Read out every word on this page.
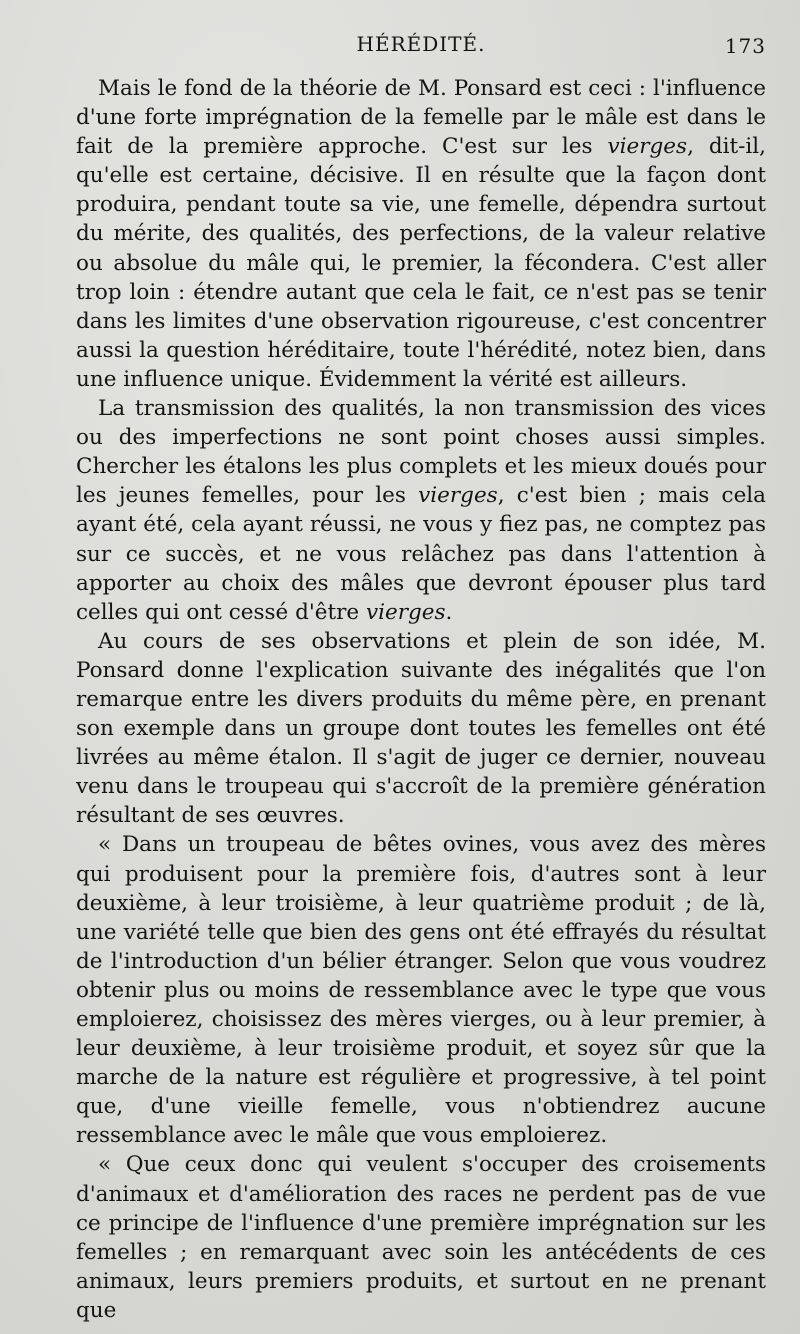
HÉRÉDITÉ.	173

Mais le fond de la théorie de M. Ponsard est ceci : l'influence d'une forte imprégnation de la femelle par le mâle est dans le fait de la première approche. C'est sur les vierges, dit-il, qu'elle est certaine, décisive. Il en résulte que la façon dont produira, pendant toute sa vie, une femelle, dépendra surtout du mérite, des qualités, des perfections, de la valeur relative ou absolue du mâle qui, le premier, la fécondera. C'est aller trop loin : étendre autant que cela le fait, ce n'est pas se tenir dans les limites d'une observation rigoureuse, c'est concentrer aussi la question héréditaire, toute l'hérédité, notez bien, dans une influence unique. Évidemment la vérité est ailleurs.

La transmission des qualités, la non transmission des vices ou des imperfections ne sont point choses aussi simples. Chercher les étalons les plus complets et les mieux doués pour les jeunes femelles, pour les vierges, c'est bien ; mais cela ayant été, cela ayant réussi, ne vous y fiez pas, ne comptez pas sur ce succès, et ne vous relâchez pas dans l'attention à apporter au choix des mâles que devront épouser plus tard celles qui ont cessé d'être vierges.

Au cours de ses observations et plein de son idée, M. Ponsard donne l'explication suivante des inégalités que l'on remarque entre les divers produits du même père, en prenant son exemple dans un groupe dont toutes les femelles ont été livrées au même étalon. Il s'agit de juger ce dernier, nouveau venu dans le troupeau qui s'accroît de la première génération résultant de ses œuvres.

« Dans un troupeau de bêtes ovines, vous avez des mères qui produisent pour la première fois, d'autres sont à leur deuxième, à leur troisième, à leur quatrième produit ; de là, une variété telle que bien des gens ont été effrayés du résultat de l'introduction d'un bélier étranger. Selon que vous voudrez obtenir plus ou moins de ressemblance avec le type que vous emploierez, choisissez des mères vierges, ou à leur premier, à leur deuxième, à leur troisième produit, et soyez sûr que la marche de la nature est régulière et progressive, à tel point que, d'une vieille femelle, vous n'obtiendrez aucune ressemblance avec le mâle que vous emploierez.

« Que ceux donc qui veulent s'occuper des croisements d'animaux et d'amélioration des races ne perdent pas de vue ce principe de l'influence d'une première imprégnation sur les femelles ; en remarquant avec soin les antécédents de ces animaux, leurs premiers produits, et surtout en ne prenant que
